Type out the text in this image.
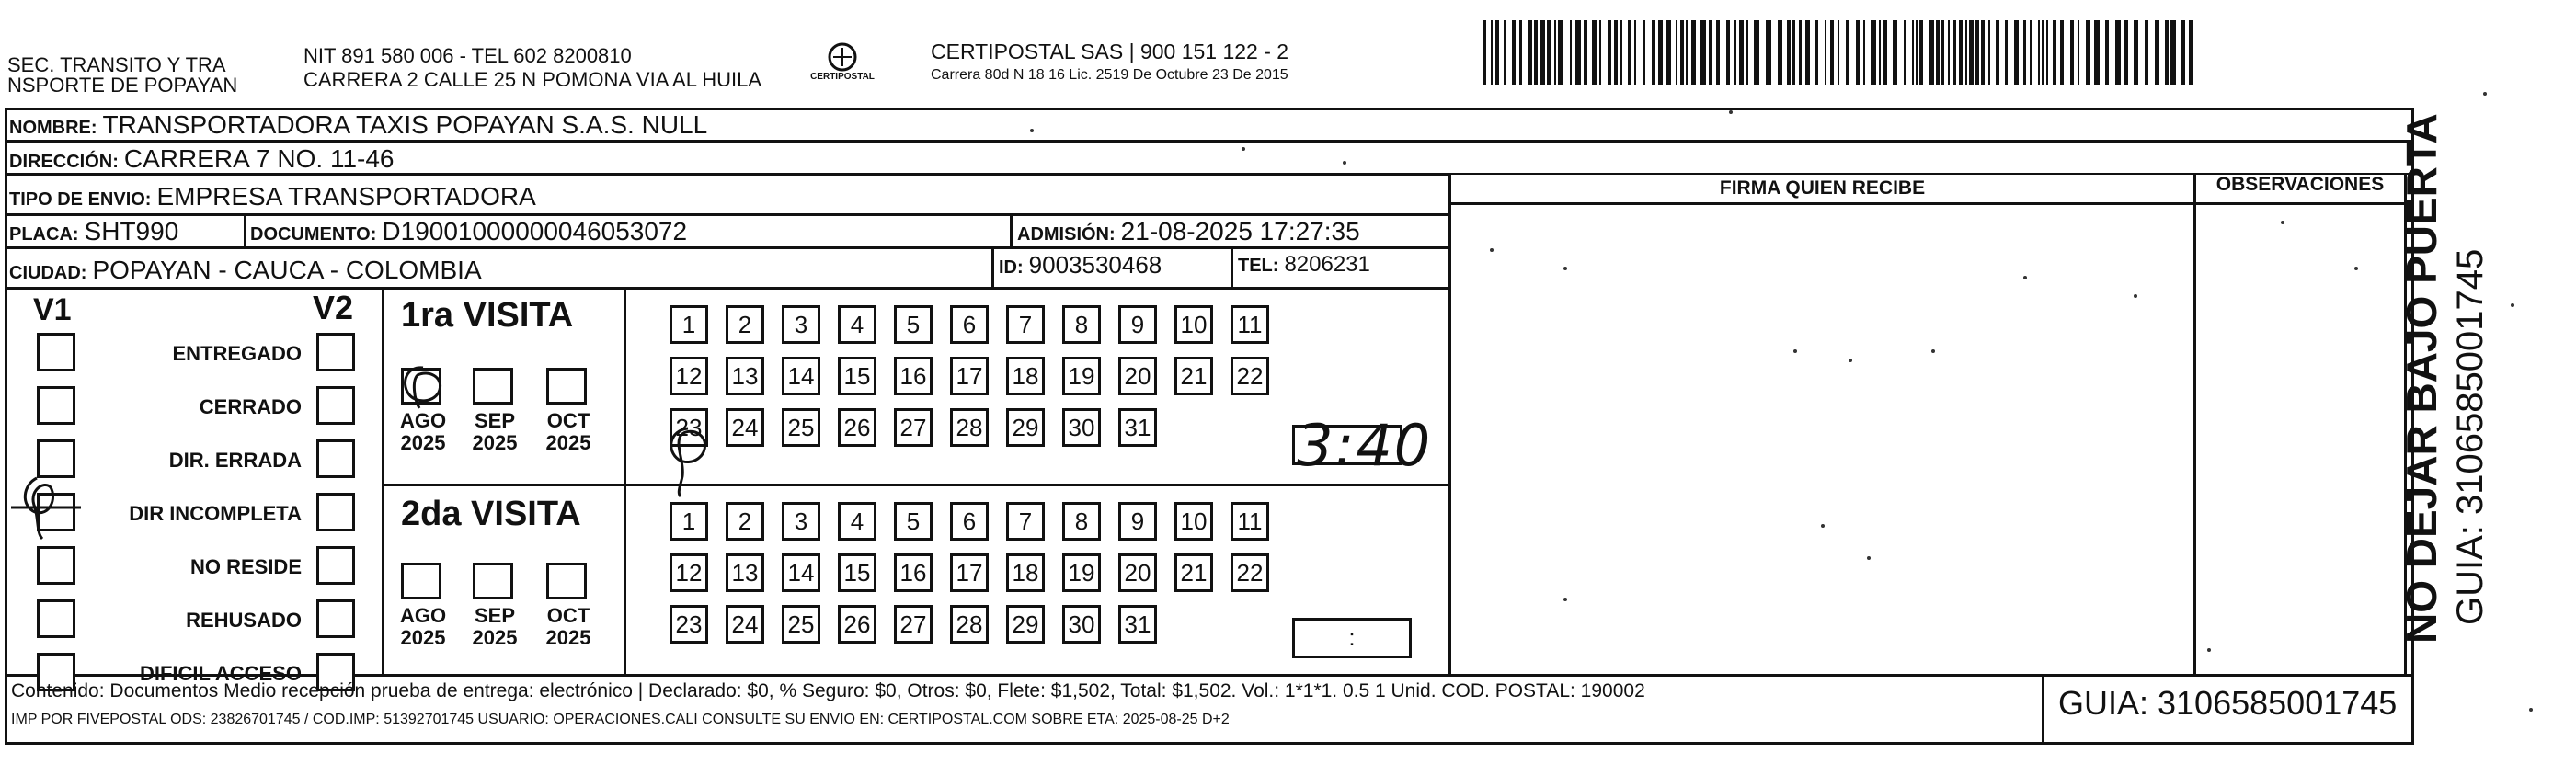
SEC. TRANSITO Y TRA
NSPORTE DE POPAYAN
NIT 891 580 006 - TEL 602 8200810
CARRERA 2 CALLE 25 N POMONA VIA AL HUILA	CERTIPOSTAL
CERTIPOSTAL SAS | 900 151 122 - 2
Carrera 80d N 18 16 Lic. 2519 De Octubre 23 De 2015
NOMBRE: TRANSPORTADORA TAXIS POPAYAN S.A.S. NULL
DIRECCIÓN: CARRERA 7 NO. 11-46
TIPO DE ENVIO: EMPRESA TRANSPORTADORA
PLACA: SHT990	DOCUMENTO: D19001000000046053072	ADMISIÓN: 21-08-2025 17:27:35
CIUDAD: POPAYAN - CAUCA - COLOMBIA	ID: 9003530468	TEL: 8206231
FIRMA QUIEN RECIBE	OBSERVACIONES
V1	V2
ENTREGADO
CERRADO
DIR. ERRADA
DIR INCOMPLETA
NO RESIDE
REHUSADO
DIFICIL ACCESO
1ra VISITA
AGO
2025
SEP
2025
OCT
2025
1	2	3	4	5	6	7	8	9	10 11
12 13 14 15 16 17 18 19 20 21 22
23 24 25 26 27 28 29 30 31	3:40
2da VISITA
AGO
2025
SEP
2025
OCT
2025
1	2	3	4	5	6	7	8	9	10 11
12 13 14 15 16 17 18 19 20 21 22
23 24 25 26 27 28 29 30 31	:	NO DEJAR BAJO PUERTA GUIA: 3106585001745
Contenido: Documentos Medio recepción prueba de entrega: electrónico | Declarado: $0, % Seguro: $0, Otros: $0, Flete: $1,502, Total: $1,502. Vol.: 1*1*1. 0.5 1 Unid. COD. POSTAL: 190002
IMP POR FIVEPOSTAL ODS: 23826701745 / COD.IMP: 51392701745 USUARIO: OPERACIONES.CALI CONSULTE SU ENVIO EN: CERTIPOSTAL.COM SOBRE ETA: 2025-08-25 D+2	GUIA: 3106585001745
